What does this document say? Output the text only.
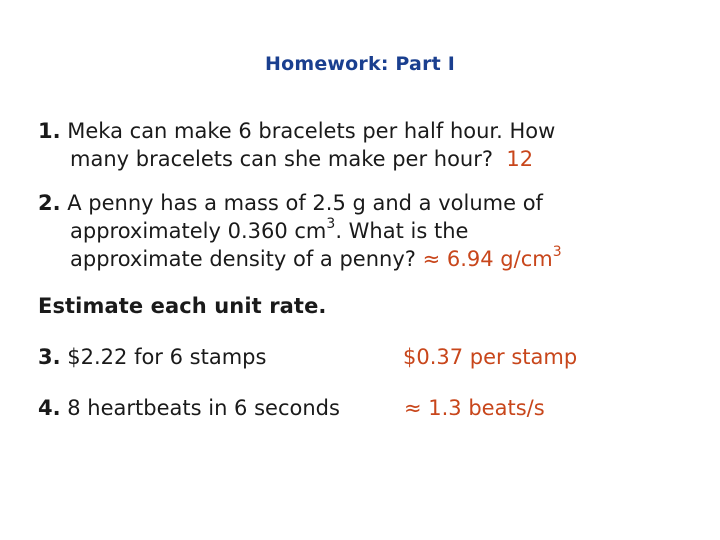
Homework: Part I
1. Meka can make 6 bracelets per half hour. How
many bracelets can she make per hour? 12
2. A penny has a mass of 2.5 g and a volume of
approximately 0.360 $cm^3$. What is the
approximate density of a penny? ≈ 6.94 $g/cm^3$
Estimate each unit rate.
3. $2.22 for 6 stamps	$0.37 per stamp
4. 8 heartbeats in 6 seconds	≈ 1.3 beats/s
